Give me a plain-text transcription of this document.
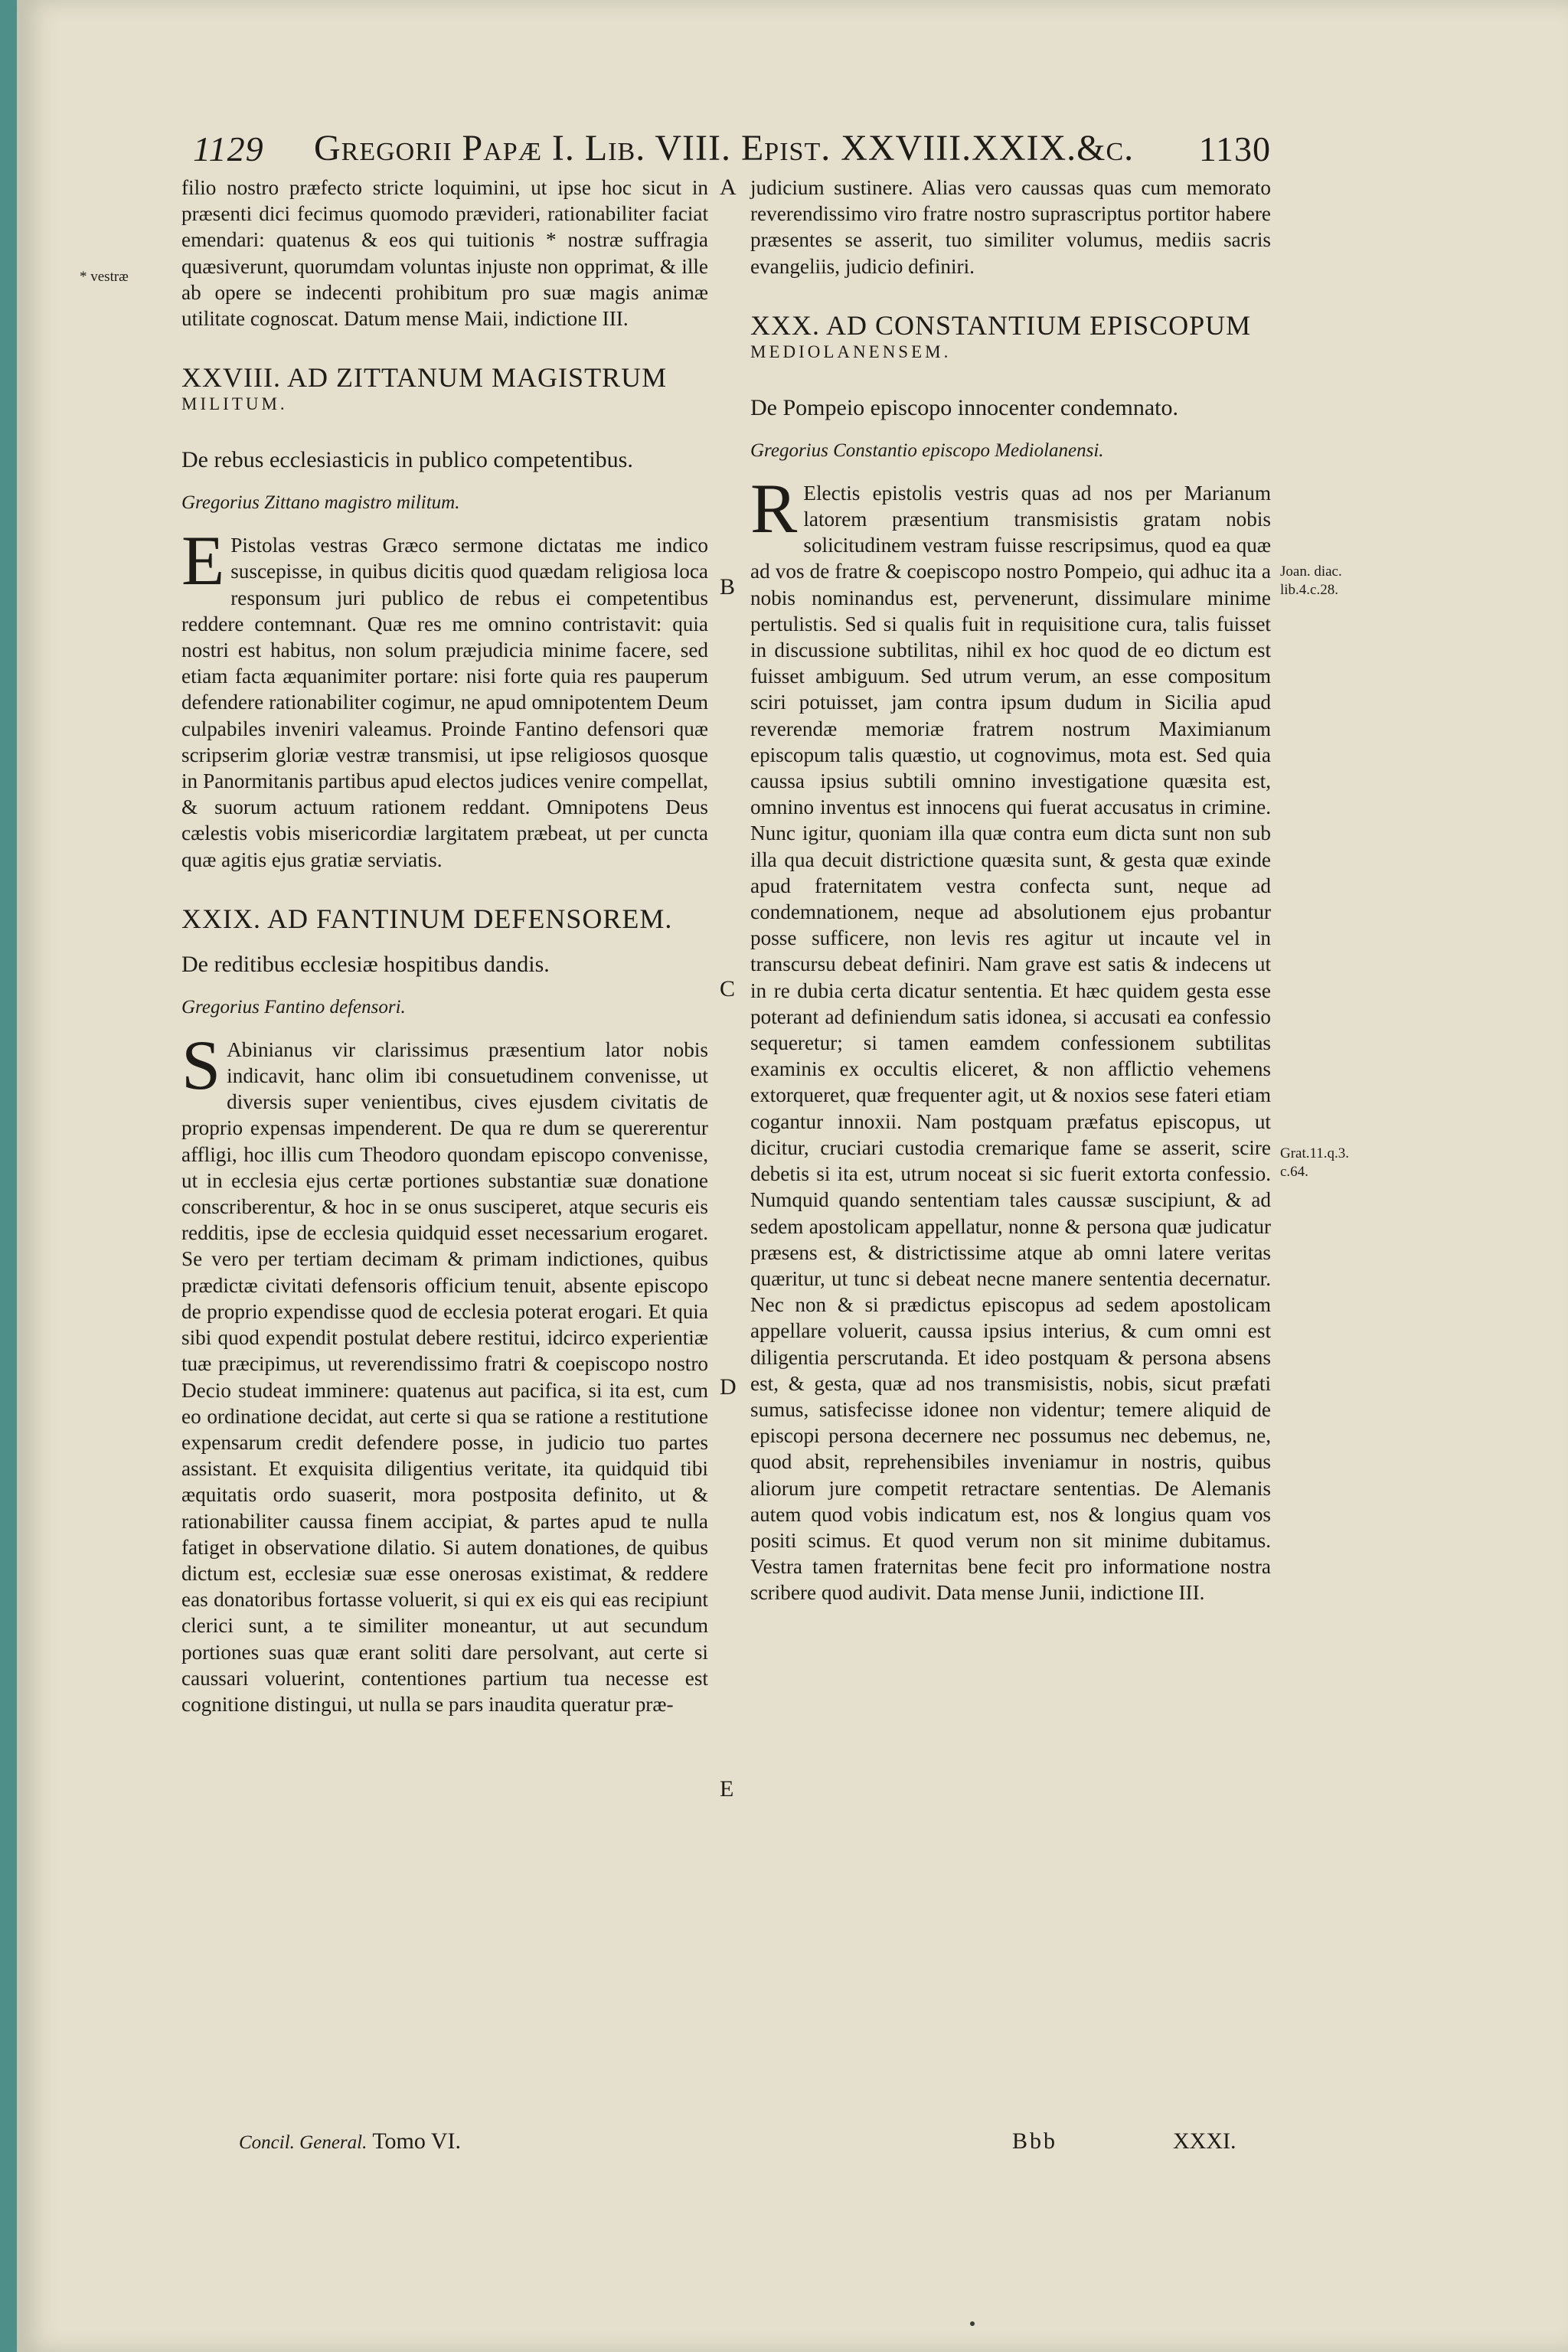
1129 Gregorii Papæ I. Lib. VIII. Epist. XXVIII.XXIX.&c. 1130

filio nostro præfecto stricte loquimini, ut ipse hoc sicut in præsenti dici fecimus quomodo prævideri, rationabiliter faciat emendari: quatenus & eos qui tuitionis * nostræ suffragia quæsiverunt, quorumdam voluntas injuste non opprimat, & ille ab opere se indecenti prohibitum pro suæ magis animæ utilitate cognoscat. Datum mense Maii, indictione III.

XXVIII. AD ZITTANUM MAGISTRUM

MILITUM.

De rebus ecclesiasticis in publico competentibus.

Gregorius Zittano magistro militum.

E Pistolas vestras Græco sermone dictatas me indico suscepisse, in quibus dicitis quod quædam religiosa loca responsum juri publico de rebus ei competentibus reddere contemnant. Quæ res me omnino contristavit: quia nostri est habitus, non solum præjudicia minime facere, sed etiam facta æquanimiter portare: nisi forte quia res pauperum defendere rationabiliter cogimur, ne apud omnipotentem Deum culpabiles inveniri valeamus. Proinde Fantino defensori quæ scripserim gloriæ vestræ transmisi, ut ipse religiosos quosque in Panormitanis partibus apud electos judices venire compellat, & suorum actuum rationem reddant. Omnipotens Deus cælestis vobis misericordiæ largitatem præbeat, ut per cuncta quæ agitis ejus gratiæ serviatis.

XXIX. AD FANTINUM DEFENSOREM.

De reditibus ecclesiæ hospitibus dandis.

Gregorius Fantino defensori.

S Abinianus vir clarissimus præsentium lator nobis indicavit, hanc olim ibi consuetudinem convenisse, ut diversis super venientibus, cives ejusdem civitatis de proprio expensas impenderent. De qua re dum se quererentur affligi, hoc illis cum Theodoro quondam episcopo convenisse, ut in ecclesia ejus certæ portiones substantiæ suæ donatione conscriberentur, & hoc in se onus susciperet, atque securis eis redditis, ipse de ecclesia quidquid esset necessarium erogaret. Se vero per tertiam decimam & primam indictiones, quibus prædictæ civitati defensoris officium tenuit, absente episcopo de proprio expendisse quod de ecclesia poterat erogari. Et quia sibi quod expendit postulat debere restitui, idcirco experientiæ tuæ præcipimus, ut reverendissimo fratri & coepiscopo nostro Decio studeat imminere: quatenus aut pacifica, si ita est, cum eo ordinatione decidat, aut certe si qua se ratione a restitutione expensarum credit defendere posse, in judicio tuo partes assistant. Et exquisita diligentius veritate, ita quidquid tibi æquitatis ordo suaserit, mora postposita definito, ut & rationabiliter caussa finem accipiat, & partes apud te nulla fatiget in observatione dilatio. Si autem donationes, de quibus dictum est, ecclesiæ suæ esse onerosas existimat, & reddere eas donatoribus fortasse voluerit, si qui ex eis qui eas recipiunt clerici sunt, a te similiter moneantur, ut aut secundum portiones suas quæ erant soliti dare persolvant, aut certe si caussari voluerint, contentiones partium tua necesse est cognitione distingui, ut nulla se pars inaudita queratur præ-

judicium sustinere. Alias vero caussas quas cum memorato reverendissimo viro fratre nostro suprascriptus portitor habere præsentes se asserit, tuo similiter volumus, mediis sacris evangeliis, judicio definiri.

XXX. AD CONSTANTIUM EPISCOPUM

MEDIOLANENSEM.

De Pompeio episcopo innocenter condemnato.

Gregorius Constantio episcopo Mediolanensi.

R Electis epistolis vestris quas ad nos per Marianum latorem præsentium transmisistis gratam nobis solicitudinem vestram fuisse rescripsimus, quod ea quæ ad vos de fratre & coepiscopo nostro Pompeio, qui adhuc ita a nobis nominandus est, pervenerunt, dissimulare minime pertulistis. Sed si qualis fuit in requisitione cura, talis fuisset in discussione subtilitas, nihil ex hoc quod de eo dictum est fuisset ambiguum. Sed utrum verum, an esse compositum sciri potuisset, jam contra ipsum dudum in Sicilia apud reverendæ memoriæ fratrem nostrum Maximianum episcopum talis quæstio, ut cognovimus, mota est. Sed quia caussa ipsius subtili omnino investigatione quæsita est, omnino inventus est innocens qui fuerat accusatus in crimine. Nunc igitur, quoniam illa quæ contra eum dicta sunt non sub illa qua decuit districtione quæsita sunt, & gesta quæ exinde apud fraternitatem vestra confecta sunt, neque ad condemnationem, neque ad absolutionem ejus probantur posse sufficere, non levis res agitur ut incaute vel in transcursu debeat definiri. Nam grave est satis & indecens ut in re dubia certa dicatur sententia. Et hæc quidem gesta esse poterant ad definiendum satis idonea, si accusati ea confessio sequeretur; si tamen eamdem confessionem subtilitas examinis ex occultis eliceret, & non afflictio vehemens extorqueret, quæ frequenter agit, ut & noxios sese fateri etiam cogantur innoxii. Nam postquam præfatus episcopus, ut dicitur, cruciari custodia cremarique fame se asserit, scire debetis si ita est, utrum noceat si sic fuerit extorta confessio. Numquid quando sententiam tales caussæ suscipiunt, & ad sedem apostolicam appellatur, nonne & persona quæ judicatur præsens est, & districtissime atque ab omni latere veritas quæritur, ut tunc si debeat necne manere sententia decernatur. Nec non & si prædictus episcopus ad sedem apostolicam appellare voluerit, caussa ipsius interius, & cum omni est diligentia perscrutanda. Et ideo postquam & persona absens est, & gesta, quæ ad nos transmisistis, nobis, sicut præfati sumus, satisfecisse idonee non videntur; temere aliquid de episcopi persona decernere nec possumus nec debemus, ne, quod absit, reprehensibiles inveniamur in nostris, quibus aliorum jure competit retractare sententias. De Alemanis autem quod vobis indicatum est, nos & longius quam vos positi scimus. Et quod verum non sit minime dubitamus. Vestra tamen fraternitas bene fecit pro informatione nostra scribere quod audivit. Data mense Junii, indictione III.

A
B
C
D
E
* vestræ
Joan. diac. lib.4.c.28.
Grat.11.q.3. c.64.
Concil. General. Tomo VI.	Bbb	XXXI.
